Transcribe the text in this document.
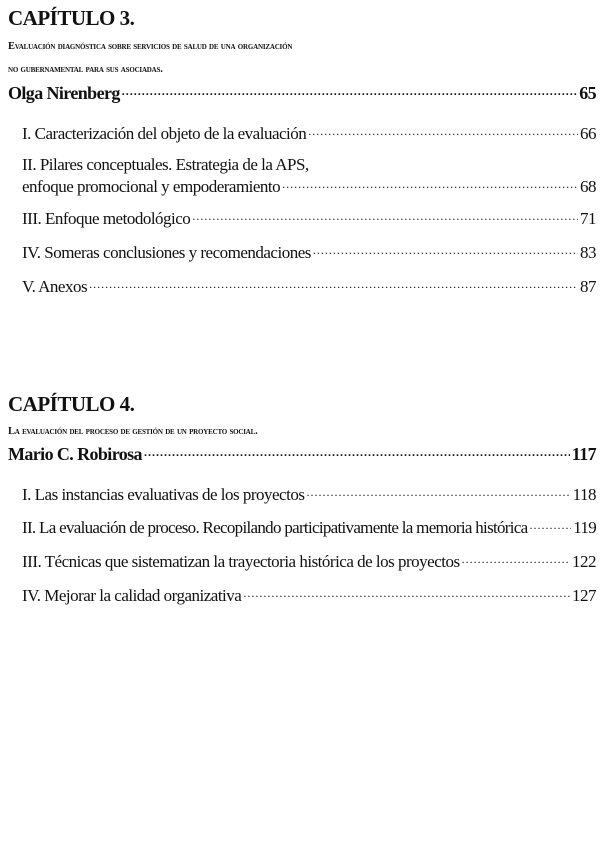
CAPÍTULO 3.
Evaluación diagnóstica sobre servicios de salud de una organización
no gubernamental para sus asociadas.
Olga Nirenberg .....	65
I. Caracterización del objeto de la evaluación .....	66
II. Pilares conceptuales. Estrategia de la APS,
enfoque promocional y empoderamiento .....	68
III. Enfoque metodológico .....	71
IV. Someras conclusiones y recomendaciones .....	83
V. Anexos .....	87
CAPÍTULO 4.
La evaluación del proceso de gestión de un proyecto social.
Mario C. Robirosa .....	117
I. Las instancias evaluativas de los proyectos .....	118
II. La evaluación de proceso. Recopilando participativamente la memoria histórica .....	119
III. Técnicas que sistematizan la trayectoria histórica de los proyectos .....	122
IV. Mejorar la calidad organizativa .....	127
